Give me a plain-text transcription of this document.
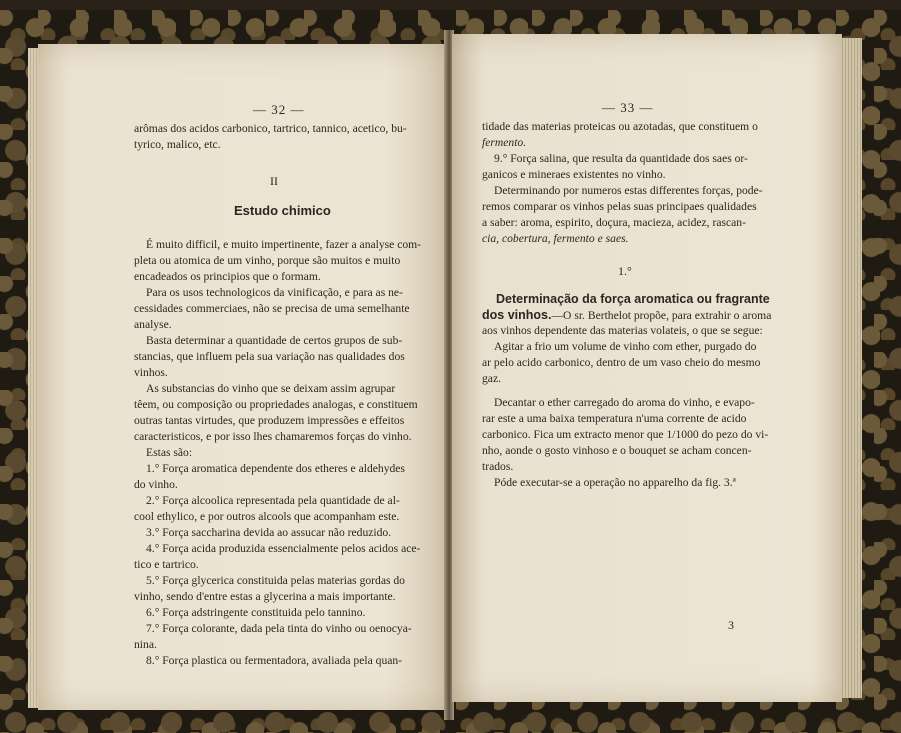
— 32 —
arômas dos acidos carbonico, tartrico, tannico, acetico, bu-
tyrico, malico, etc.
II
Estudo chimico
É muito difficil, e muito impertinente, fazer a analyse com-
pleta ou atomica de um vinho, porque são muitos e muito
encadeados os principios que o formam.
Para os usos technologicos da vinificação, e para as ne-
cessidades commerciaes, não se precisa de uma semelhante
analyse.
Basta determinar a quantidade de certos grupos de sub-
stancias, que influem pela sua variação nas qualidades dos
vinhos.
As substancias do vinho que se deixam assim agrupar
têem, ou composição ou propriedades analogas, e constituem
outras tantas virtudes, que produzem impressões e effeitos
caracteristicos, e por isso lhes chamaremos forças do vinho.
Estas são:
1.° Força aromatica dependente dos etheres e aldehydes
do vinho.
2.° Força alcoolica representada pela quantidade de al-
cool ethylico, e por outros alcools que acompanham este.
3.° Força saccharina devida ao assucar não reduzido.
4.° Força acida produzida essencialmente pelos acidos ace-
tico e tartrico.
5.° Força glycerica constituida pelas materias gordas do
vinho, sendo d'entre estas a glycerina a mais importante.
6.° Força adstringente constituida pelo tannino.
7.° Força colorante, dada pela tinta do vinho ou oenocya-
nina.
8.° Força plastica ou fermentadora, avaliada pela quan-
— 33 —
tidade das materias proteicas ou azotadas, que constituem o
fermento.
9.° Força salina, que resulta da quantidade dos saes or-
ganicos e mineraes existentes no vinho.
Determinando por numeros estas differentes forças, pode-
remos comparar os vinhos pelas suas principaes qualidades
a saber: aroma, espirito, doçura, macieza, acidez, rascan-
cia, cobertura, fermento e saes.
1.°
Determinação da força aromatica ou fragrante
dos vinhos.—O sr. Berthelot propõe, para extrahir o aroma
aos vinhos dependente das materias volateis, o que se segue:
Agitar a frio um volume de vinho com ether, purgado do
ar pelo acido carbonico, dentro de um vaso cheio do mesmo
gaz.
Decantar o ether carregado do aroma do vinho, e evapo-
rar este a uma baixa temperatura n'uma corrente de acido
carbonico. Fica um extracto menor que 1/1000 do pezo do vi-
nho, aonde o gosto vinhoso e o bouquet se acham concen-
trados.
Póde executar-se a operação no apparelho da fig. 3.ª
3
